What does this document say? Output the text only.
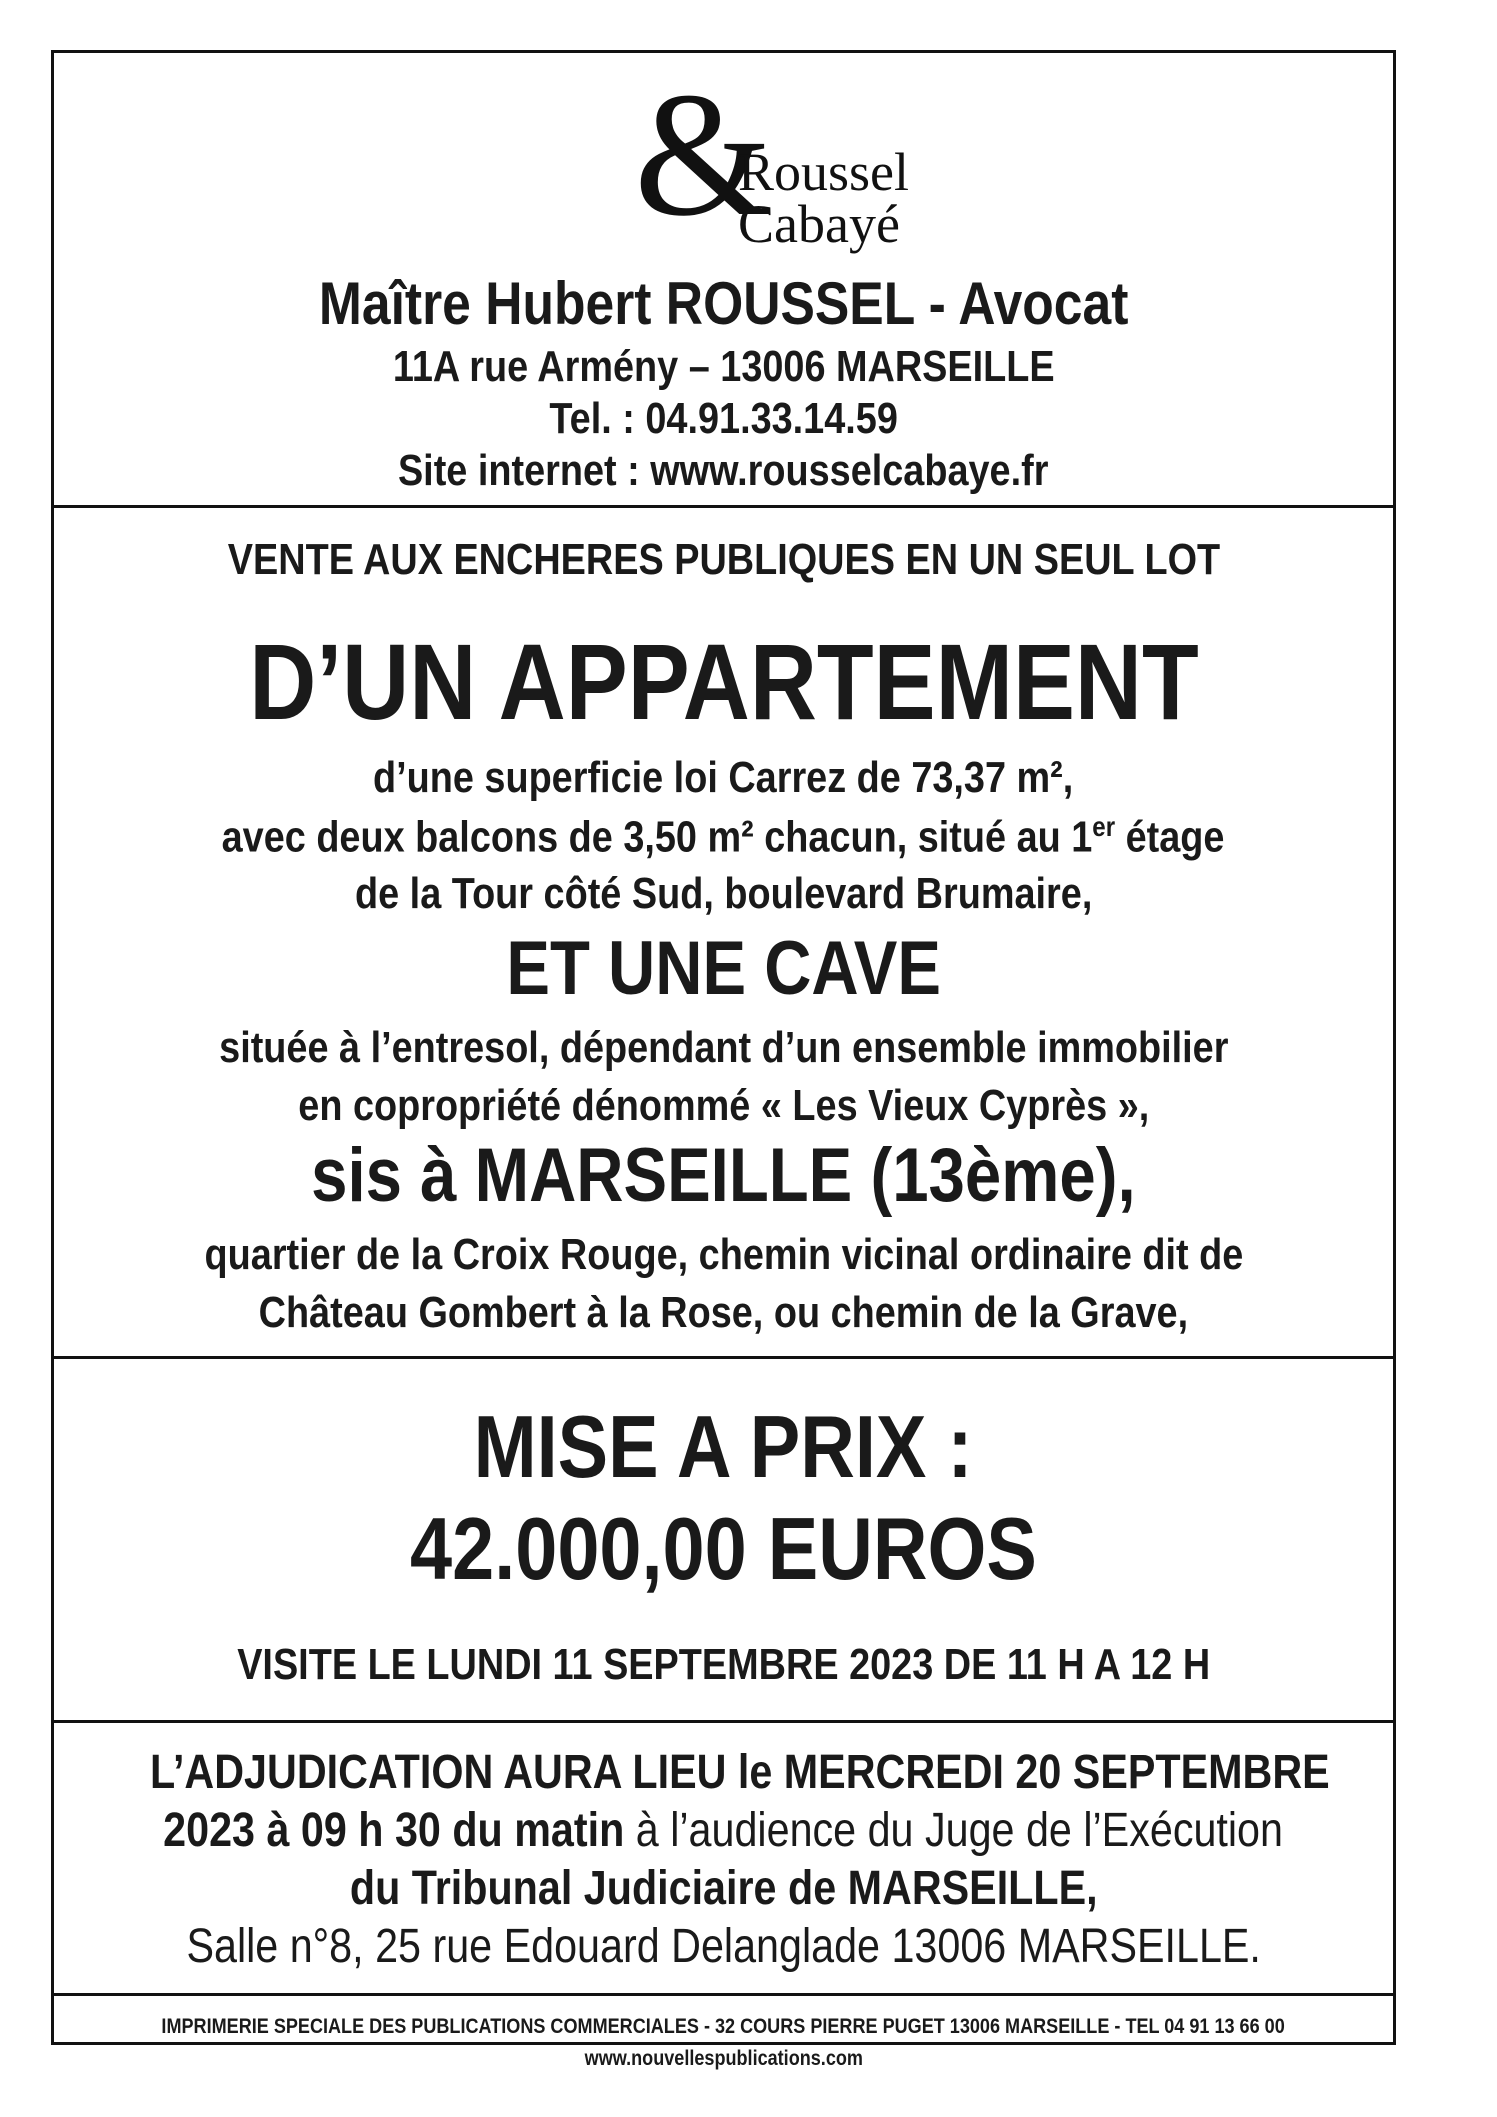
&
Roussel
Cabayé
Maître Hubert ROUSSEL - Avocat
11A rue Armény – 13006 MARSEILLE
Tel. : 04.91.33.14.59
Site internet : www.rousselcabaye.fr
VENTE AUX ENCHERES PUBLIQUES EN UN SEUL LOT
D’UN APPARTEMENT
d’une superficie loi Carrez de 73,37 m²,
avec deux balcons de 3,50 m² chacun, situé au 1er étage
de la Tour côté Sud, boulevard Brumaire,
ET UNE CAVE
située à l’entresol, dépendant d’un ensemble immobilier
en copropriété dénommé « Les Vieux Cyprès »,
sis à MARSEILLE (13ème),
quartier de la Croix Rouge, chemin vicinal ordinaire dit de
Château Gombert à la Rose, ou chemin de la Grave,
MISE A PRIX :
42.000,00 EUROS
VISITE LE LUNDI 11 SEPTEMBRE 2023 DE 11 H A 12 H
L’ADJUDICATION AURA LIEU le MERCREDI 20 SEPTEMBRE
2023 à 09 h 30 du matin à l’audience du Juge de l’Exécution
du Tribunal Judiciaire de MARSEILLE,
Salle n°8, 25 rue Edouard Delanglade 13006 MARSEILLE.
IMPRIMERIE SPECIALE DES PUBLICATIONS COMMERCIALES - 32 COURS PIERRE PUGET 13006 MARSEILLE - TEL 04 91 13 66 00
www.nouvellespublications.com
